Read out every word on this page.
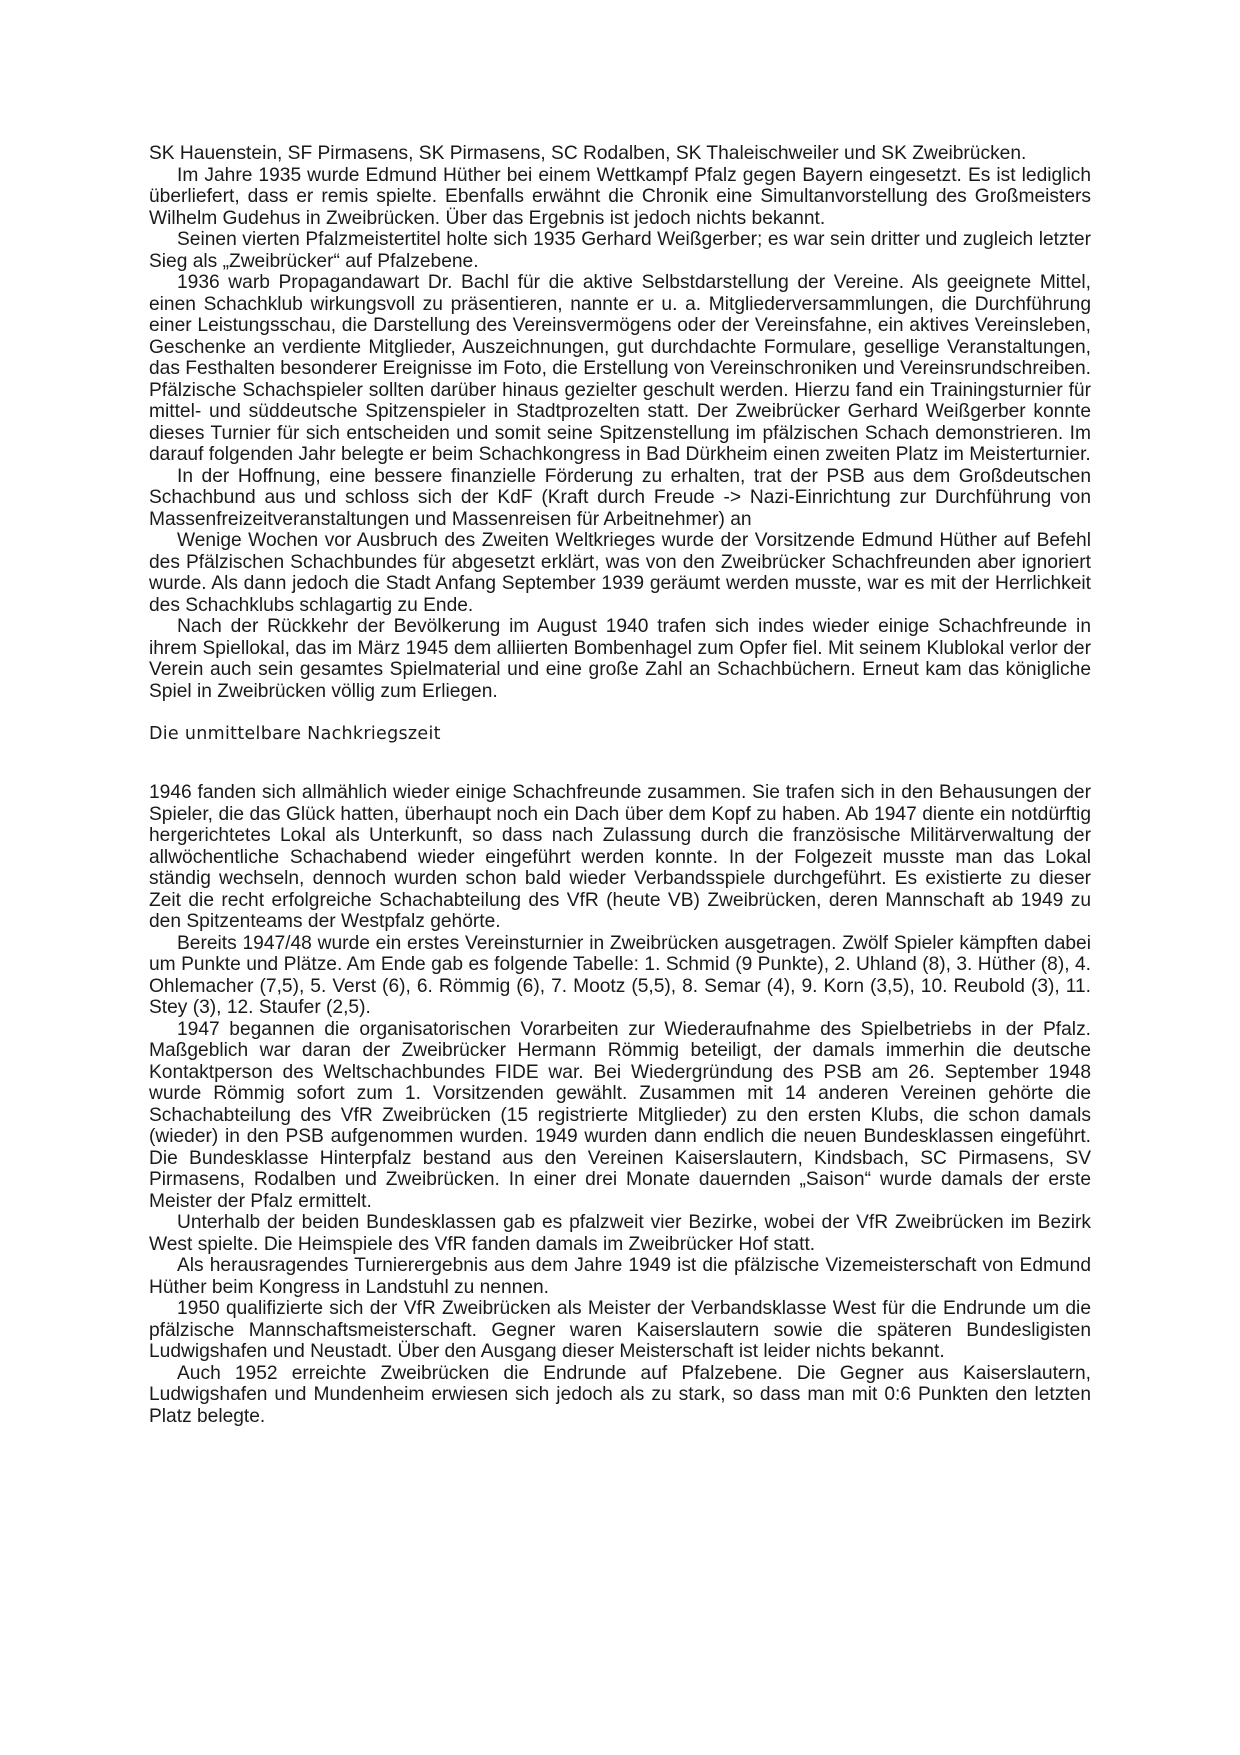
SK Hauenstein, SF Pirmasens, SK Pirmasens, SC Rodalben, SK Thaleischweiler und SK Zweibrücken.

Im Jahre 1935 wurde Edmund Hüther bei einem Wettkampf Pfalz gegen Bayern eingesetzt. Es ist lediglich überliefert, dass er remis spielte. Ebenfalls erwähnt die Chronik eine Simultanvorstellung des Großmeisters Wilhelm Gudehus in Zweibrücken. Über das Ergebnis ist jedoch nichts bekannt.

Seinen vierten Pfalzmeistertitel holte sich 1935 Gerhard Weißgerber; es war sein dritter und zugleich letzter Sieg als „Zweibrücker“ auf Pfalzebene.

1936 warb Propagandawart Dr. Bachl für die aktive Selbstdarstellung der Vereine. Als geeignete Mittel, einen Schachklub wirkungsvoll zu präsentieren, nannte er u. a. Mitgliederversammlungen, die Durchführung einer Leistungsschau, die Darstellung des Vereinsvermögens oder der Vereinsfahne, ein aktives Vereinsleben, Geschenke an verdiente Mitglieder, Auszeichnungen, gut durchdachte Formulare, gesellige Veranstaltungen, das Festhalten besonderer Ereignisse im Foto, die Erstellung von Vereinschroniken und Vereinsrundschreiben. Pfälzische Schachspieler sollten darüber hinaus gezielter geschult werden. Hierzu fand ein Trainingsturnier für mittel- und süddeutsche Spitzenspieler in Stadtprozelten statt. Der Zweibrücker Gerhard Weißgerber konnte dieses Turnier für sich entscheiden und somit seine Spitzenstellung im pfälzischen Schach demonstrieren. Im darauf folgenden Jahr belegte er beim Schachkongress in Bad Dürkheim einen zweiten Platz im Meisterturnier.

In der Hoffnung, eine bessere finanzielle Förderung zu erhalten, trat der PSB aus dem Großdeutschen Schachbund aus und schloss sich der KdF (Kraft durch Freude -> Nazi-Einrichtung zur Durchführung von Massenfreizeitveranstaltungen und Massenreisen für Arbeitnehmer) an

Wenige Wochen vor Ausbruch des Zweiten Weltkrieges wurde der Vorsitzende Edmund Hüther auf Befehl des Pfälzischen Schachbundes für abgesetzt erklärt, was von den Zweibrücker Schachfreunden aber ignoriert wurde. Als dann jedoch die Stadt Anfang September 1939 geräumt werden musste, war es mit der Herrlichkeit des Schachklubs schlagartig zu Ende.

Nach der Rückkehr der Bevölkerung im August 1940 trafen sich indes wieder einige Schachfreunde in ihrem Spiellokal, das im März 1945 dem alliierten Bombenhagel zum Opfer fiel. Mit seinem Klublokal verlor der Verein auch sein gesamtes Spielmaterial und eine große Zahl an Schachbüchern. Erneut kam das königliche Spiel in Zweibrücken völlig zum Erliegen.

Die unmittelbare Nachkriegszeit

1946 fanden sich allmählich wieder einige Schachfreunde zusammen. Sie trafen sich in den Behausungen der Spieler, die das Glück hatten, überhaupt noch ein Dach über dem Kopf zu haben. Ab 1947 diente ein notdürftig hergerichtetes Lokal als Unterkunft, so dass nach Zulassung durch die französische Militärverwaltung der allwöchentliche Schachabend wieder eingeführt werden konnte. In der Folgezeit musste man das Lokal ständig wechseln, dennoch wurden schon bald wieder Verbandsspiele durchgeführt. Es existierte zu dieser Zeit die recht erfolgreiche Schachabteilung des VfR (heute VB) Zweibrücken, deren Mannschaft ab 1949 zu den Spitzenteams der Westpfalz gehörte.

Bereits 1947/48 wurde ein erstes Vereinsturnier in Zweibrücken ausgetragen. Zwölf Spieler kämpften dabei um Punkte und Plätze. Am Ende gab es folgende Tabelle: 1. Schmid (9 Punkte), 2. Uhland (8), 3. Hüther (8), 4. Ohlemacher (7,5), 5. Verst (6), 6. Römmig (6), 7. Mootz (5,5), 8. Semar (4), 9. Korn (3,5), 10. Reubold (3), 11. Stey (3), 12. Staufer (2,5).

1947 begannen die organisatorischen Vorarbeiten zur Wiederaufnahme des Spielbetriebs in der Pfalz. Maßgeblich war daran der Zweibrücker Hermann Römmig beteiligt, der damals immerhin die deutsche Kontaktperson des Weltschachbundes FIDE war. Bei Wiedergründung des PSB am 26. September 1948 wurde Römmig sofort zum 1. Vorsitzenden gewählt. Zusammen mit 14 anderen Vereinen gehörte die Schachabteilung des VfR Zweibrücken (15 registrierte Mitglieder) zu den ersten Klubs, die schon damals (wieder) in den PSB aufgenommen wurden. 1949 wurden dann endlich die neuen Bundesklassen eingeführt. Die Bundesklasse Hinterpfalz bestand aus den Vereinen Kaiserslautern, Kindsbach, SC Pirmasens, SV Pirmasens, Rodalben und Zweibrücken. In einer drei Monate dauernden „Saison“ wurde damals der erste Meister der Pfalz ermittelt.

Unterhalb der beiden Bundesklassen gab es pfalzweit vier Bezirke, wobei der VfR Zweibrücken im Bezirk West spielte. Die Heimspiele des VfR fanden damals im Zweibrücker Hof statt.

Als herausragendes Turnierergebnis aus dem Jahre 1949 ist die pfälzische Vizemeisterschaft von Edmund Hüther beim Kongress in Landstuhl zu nennen.

1950 qualifizierte sich der VfR Zweibrücken als Meister der Verbandsklasse West für die Endrunde um die pfälzische Mannschaftsmeisterschaft. Gegner waren Kaiserslautern sowie die späteren Bundesligisten Ludwigshafen und Neustadt. Über den Ausgang dieser Meisterschaft ist leider nichts bekannt.

Auch 1952 erreichte Zweibrücken die Endrunde auf Pfalzebene. Die Gegner aus Kaiserslautern, Ludwigshafen und Mundenheim erwiesen sich jedoch als zu stark, so dass man mit 0:6 Punkten den letzten Platz belegte.
